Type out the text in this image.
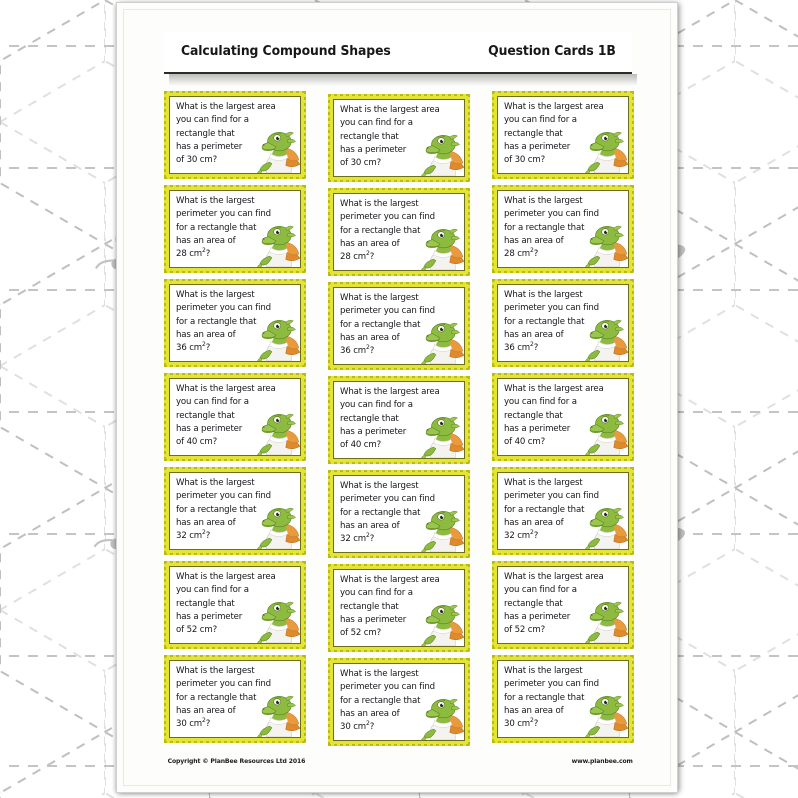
Calculating Compound Shapes	Question Cards 1B
What is the largest area
you can find for a
rectangle that
has a perimeter
of 30 cm?
What is the largest
perimeter you can find
for a rectangle that
has an area of
28 $cm^2$?
What is the largest
perimeter you can find
for a rectangle that
has an area of
36 $cm^2$?
What is the largest area
you can find for a
rectangle that
has a perimeter
of 40 cm?
What is the largest
perimeter you can find
for a rectangle that
has an area of
32 $cm^2$?
What is the largest area
you can find for a
rectangle that
has a perimeter
of 52 cm?
What is the largest
perimeter you can find
for a rectangle that
has an area of
30 $cm^2$?
What is the largest area
you can find for a
rectangle that
has a perimeter
of 30 cm?
What is the largest
perimeter you can find
for a rectangle that
has an area of
28 $cm^2$?
What is the largest
perimeter you can find
for a rectangle that
has an area of
36 $cm^2$?
What is the largest area
you can find for a
rectangle that
has a perimeter
of 40 cm?
What is the largest
perimeter you can find
for a rectangle that
has an area of
32 $cm^2$?
What is the largest area
you can find for a
rectangle that
has a perimeter
of 52 cm?
What is the largest
perimeter you can find
for a rectangle that
has an area of
30 $cm^2$?
What is the largest area
you can find for a
rectangle that
has a perimeter
of 30 cm?
What is the largest
perimeter you can find
for a rectangle that
has an area of
28 $cm^2$?
What is the largest
perimeter you can find
for a rectangle that
has an area of
36 $cm^2$?
What is the largest area
you can find for a
rectangle that
has a perimeter
of 40 cm?
What is the largest
perimeter you can find
for a rectangle that
has an area of
32 $cm^2$?
What is the largest area
you can find for a
rectangle that
has a perimeter
of 52 cm?
What is the largest
perimeter you can find
for a rectangle that
has an area of
30 $cm^2$?
Copyright © PlanBee Resources Ltd 2016	www.planbee.com
